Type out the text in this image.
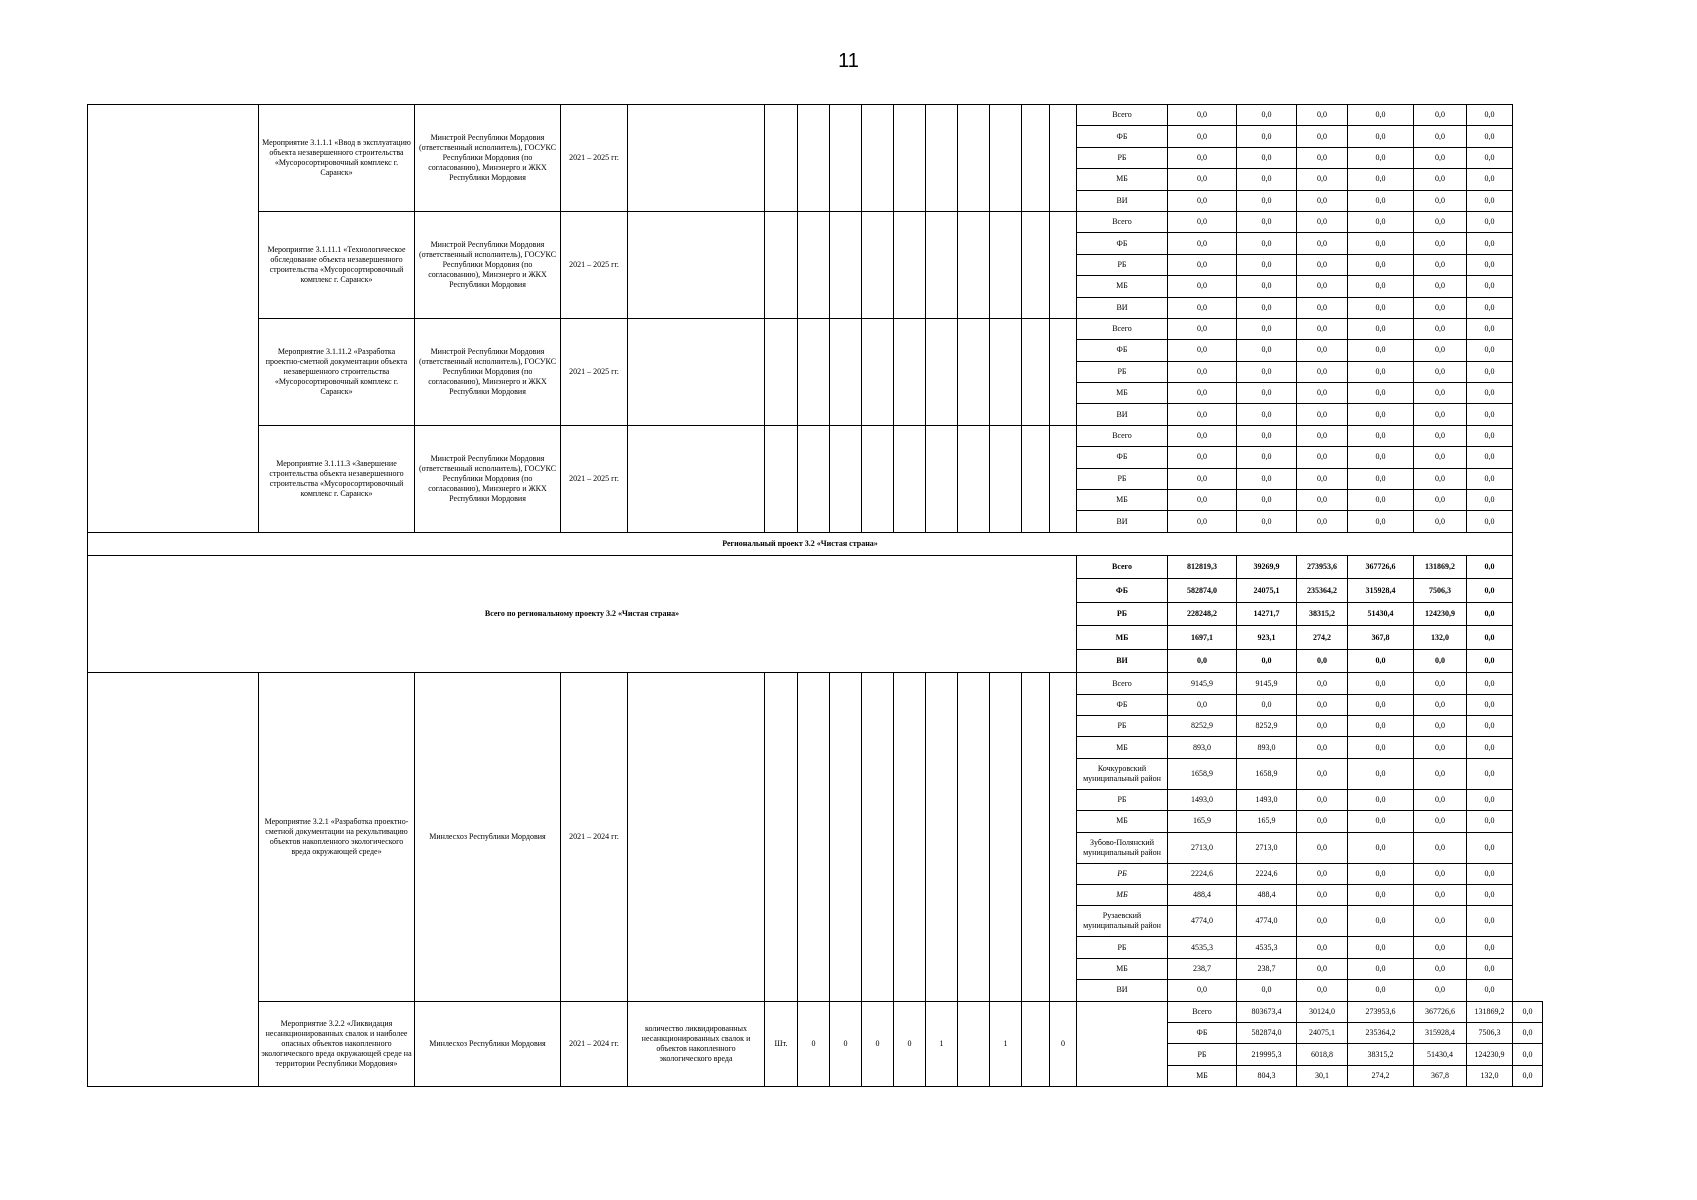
11
	Мероприятие 3.1.1.1 «Ввод в эксплуатацию объекта незавершенного строительства «Мусоросортировочный комплекс г. Саранск»	Минстрой Республики Мордовия (ответственный исполнитель), ГОСУКС Республики Мордовия (по согласованию), Минэнерго и ЖКХ Республики Мордовия	2021 – 2025 гг.												Всего	0,0	0,0	0,0	0,0	0,0	0,0	
															ФБ	0,0	0,0	0,0	0,0	0,0	0,0	
															РБ	0,0	0,0	0,0	0,0	0,0	0,0	
															МБ	0,0	0,0	0,0	0,0	0,0	0,0	
															ВИ	0,0	0,0	0,0	0,0	0,0	0,0	
	Мероприятие 3.1.11.1 «Технологическое обследование объекта незавершенного строительства «Мусоросортировочный комплекс г. Саранск»	Минстрой Республики Мордовия (ответственный исполнитель), ГОСУКС Республики Мордовия (по согласованию), Минэнерго и ЖКХ Республики Мордовия	2021 – 2025 гг.												Всего	0,0	0,0	0,0	0,0	0,0	0,0	
															ФБ	0,0	0,0	0,0	0,0	0,0	0,0	
															РБ	0,0	0,0	0,0	0,0	0,0	0,0	
															МБ	0,0	0,0	0,0	0,0	0,0	0,0	
															ВИ	0,0	0,0	0,0	0,0	0,0	0,0	
	Мероприятие 3.1.11.2 «Разработка проектно-сметной документации объекта незавершенного строительства «Мусоросортировочный комплекс г. Саранск»	Минстрой Республики Мордовия (ответственный исполнитель), ГОСУКС Республики Мордовия (по согласованию), Минэнерго и ЖКХ Республики Мордовия	2021 – 2025 гг.												Всего	0,0	0,0	0,0	0,0	0,0	0,0	
															ФБ	0,0	0,0	0,0	0,0	0,0	0,0	
															РБ	0,0	0,0	0,0	0,0	0,0	0,0	
															МБ	0,0	0,0	0,0	0,0	0,0	0,0	
															ВИ	0,0	0,0	0,0	0,0	0,0	0,0	
	Мероприятие 3.1.11.3 «Завершение строительства объекта незавершенного строительства «Мусоросортировочный комплекс г. Саранск»	Минстрой Республики Мордовия (ответственный исполнитель), ГОСУКС Республики Мордовия (по согласованию), Минэнерго и ЖКХ Республики Мордовия	2021 – 2025 гг.												Всего	0,0	0,0	0,0	0,0	0,0	0,0	
															ФБ	0,0	0,0	0,0	0,0	0,0	0,0	
															РБ	0,0	0,0	0,0	0,0	0,0	0,0	
															МБ	0,0	0,0	0,0	0,0	0,0	0,0	
															ВИ	0,0	0,0	0,0	0,0	0,0	0,0	
Региональный проект 3.2 «Чистая страна»																						
Всего по региональному проекту 3.2 «Чистая страна»															Всего	812819,3	39269,9	273953,6	367726,6	131869,2	0,0	
															ФБ	582874,0	24075,1	235364,2	315928,4	7506,3	0,0	
															РБ	228248,2	14271,7	38315,2	51430,4	124230,9	0,0	
															МБ	1697,1	923,1	274,2	367,8	132,0	0,0	
															ВИ	0,0	0,0	0,0	0,0	0,0	0,0	
	Мероприятие 3.2.1 «Разработка проектно-сметной документации на рекультивацию объектов накопленного экологического вреда окружающей среде»	Минлесхоз Республики Мордовия	2021 – 2024 гг.												Всего	9145,9	9145,9	0,0	0,0	0,0	0,0	
															ФБ	0,0	0,0	0,0	0,0	0,0	0,0	
															РБ	8252,9	8252,9	0,0	0,0	0,0	0,0	
															МБ	893,0	893,0	0,0	0,0	0,0	0,0	
															Кочкуровский муниципальный район	1658,9	1658,9	0,0	0,0	0,0	0,0	
															РБ	1493,0	1493,0	0,0	0,0	0,0	0,0	
															МБ	165,9	165,9	0,0	0,0	0,0	0,0	
															Зубово-Полянский муниципальный район	2713,0	2713,0	0,0	0,0	0,0	0,0	
															РБ	2224,6	2224,6	0,0	0,0	0,0	0,0	
															МБ	488,4	488,4	0,0	0,0	0,0	0,0	
															Рузаевский муниципальный район	4774,0	4774,0	0,0	0,0	0,0	0,0	
															РБ	4535,3	4535,3	0,0	0,0	0,0	0,0	
															МБ	238,7	238,7	0,0	0,0	0,0	0,0	
															ВИ	0,0	0,0	0,0	0,0	0,0	0,0	
	Мероприятие 3.2.2 «Ликвидация несанкционированных свалок и наиболее опасных объектов накопленного экологического вреда окружающей среде на территории Республики Мордовия»	Минлесхоз Республики Мордовия	2021 – 2024 гг.	количество ликвидированных несанкционированных свалок и объектов накопленного экологического вреда	Шт.	0	0	0	0	1		1		0		Всего	803673,4	30124,0	273953,6	367726,6	131869,2	0,0
																ФБ	582874,0	24075,1	235364,2	315928,4	7506,3	0,0
																РБ	219995,3	6018,8	38315,2	51430,4	124230,9	0,0
																МБ	804,3	30,1	274,2	367,8	132,0	0,0
